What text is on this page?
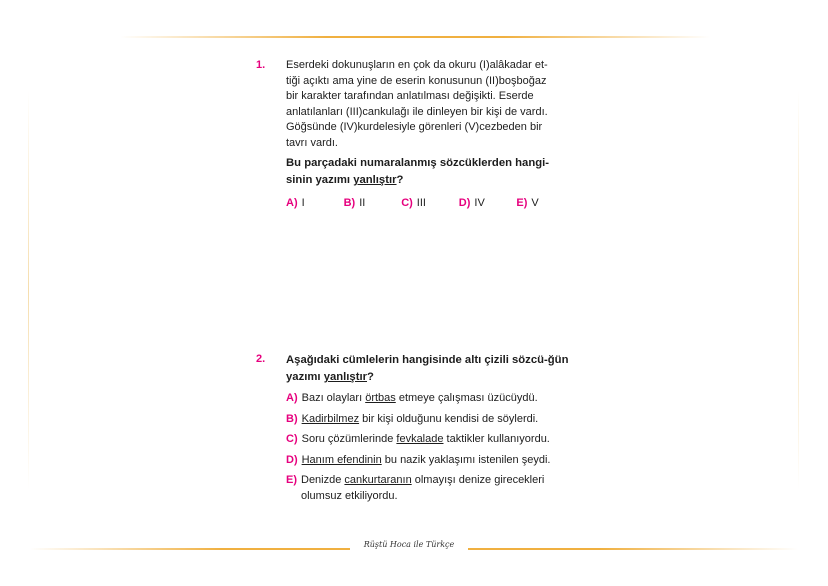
1. Eserdeki dokunuşların en çok da okuru (I)alâkadar et-
tiği açıktı ama yine de eserin konusunun (II)boşboğaz
bir karakter tarafından anlatılması değişikti. Eserde
anlatılanları (III)cankulağı ile dinleyen bir kişi de vardı.
Göğsünde (IV)kurdelesiyle görenleri (V)cezbeden bir
tavrı vardı.
Bu parçadaki numaralanmış sözcüklerden hangi-sinin yazımı yanlıştır?
A) I	B) II	C) III	D) IV	E) V
2. Aşağıdaki cümlelerin hangisinde altı çizili sözcü-ğün yazımı yanlıştır?
A) Bazı olayları örtbas etmeye çalışması üzücüydü.
B) Kadirbilmez bir kişi olduğunu kendisi de söylerdi.
C) Soru çözümlerinde fevkalade taktikler kullanıyordu.
D) Hanım efendinin bu nazik yaklaşımı istenilen şeydi.
E) Denizde cankurtaranın olmayışı denize girecekleri olumsuz etkiliyordu.
Rüştü Hoca ile Türkçe
